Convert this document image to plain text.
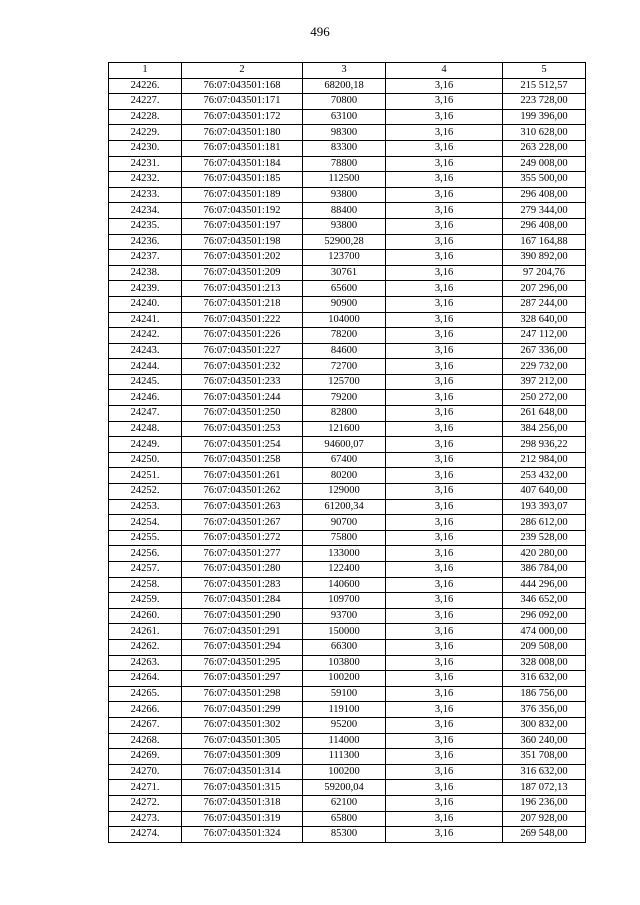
496
1	2	3	4	5
24226.	76:07:043501:168	68200,18	3,16	215 512,57
24227.	76:07:043501:171	70800	3,16	223 728,00
24228.	76:07:043501:172	63100	3,16	199 396,00
24229.	76:07:043501:180	98300	3,16	310 628,00
24230.	76:07:043501:181	83300	3,16	263 228,00
24231.	76:07:043501:184	78800	3,16	249 008,00
24232.	76:07:043501:185	112500	3,16	355 500,00
24233.	76:07:043501:189	93800	3,16	296 408,00
24234.	76:07:043501:192	88400	3,16	279 344,00
24235.	76:07:043501:197	93800	3,16	296 408,00
24236.	76:07:043501:198	52900,28	3,16	167 164,88
24237.	76:07:043501:202	123700	3,16	390 892,00
24238.	76:07:043501:209	30761	3,16	97 204,76
24239.	76:07:043501:213	65600	3,16	207 296,00
24240.	76:07:043501:218	90900	3,16	287 244,00
24241.	76:07:043501:222	104000	3,16	328 640,00
24242.	76:07:043501:226	78200	3,16	247 112,00
24243.	76:07:043501:227	84600	3,16	267 336,00
24244.	76:07:043501:232	72700	3,16	229 732,00
24245.	76:07:043501:233	125700	3,16	397 212,00
24246.	76:07:043501:244	79200	3,16	250 272,00
24247.	76:07:043501:250	82800	3,16	261 648,00
24248.	76:07:043501:253	121600	3,16	384 256,00
24249.	76:07:043501:254	94600,07	3,16	298 936,22
24250.	76:07:043501:258	67400	3,16	212 984,00
24251.	76:07:043501:261	80200	3,16	253 432,00
24252.	76:07:043501:262	129000	3,16	407 640,00
24253.	76:07:043501:263	61200,34	3,16	193 393,07
24254.	76:07:043501:267	90700	3,16	286 612,00
24255.	76:07:043501:272	75800	3,16	239 528,00
24256.	76:07:043501:277	133000	3,16	420 280,00
24257.	76:07:043501:280	122400	3,16	386 784,00
24258.	76:07:043501:283	140600	3,16	444 296,00
24259.	76:07:043501:284	109700	3,16	346 652,00
24260.	76:07:043501:290	93700	3,16	296 092,00
24261.	76:07:043501:291	150000	3,16	474 000,00
24262.	76:07:043501:294	66300	3,16	209 508,00
24263.	76:07:043501:295	103800	3,16	328 008,00
24264.	76:07:043501:297	100200	3,16	316 632,00
24265.	76:07:043501:298	59100	3,16	186 756,00
24266.	76:07:043501:299	119100	3,16	376 356,00
24267.	76:07:043501:302	95200	3,16	300 832,00
24268.	76:07:043501:305	114000	3,16	360 240,00
24269.	76:07:043501:309	111300	3,16	351 708,00
24270.	76:07:043501:314	100200	3,16	316 632,00
24271.	76:07:043501:315	59200,04	3,16	187 072,13
24272.	76:07:043501:318	62100	3,16	196 236,00
24273.	76:07:043501:319	65800	3,16	207 928,00
24274.	76:07:043501:324	85300	3,16	269 548,00
